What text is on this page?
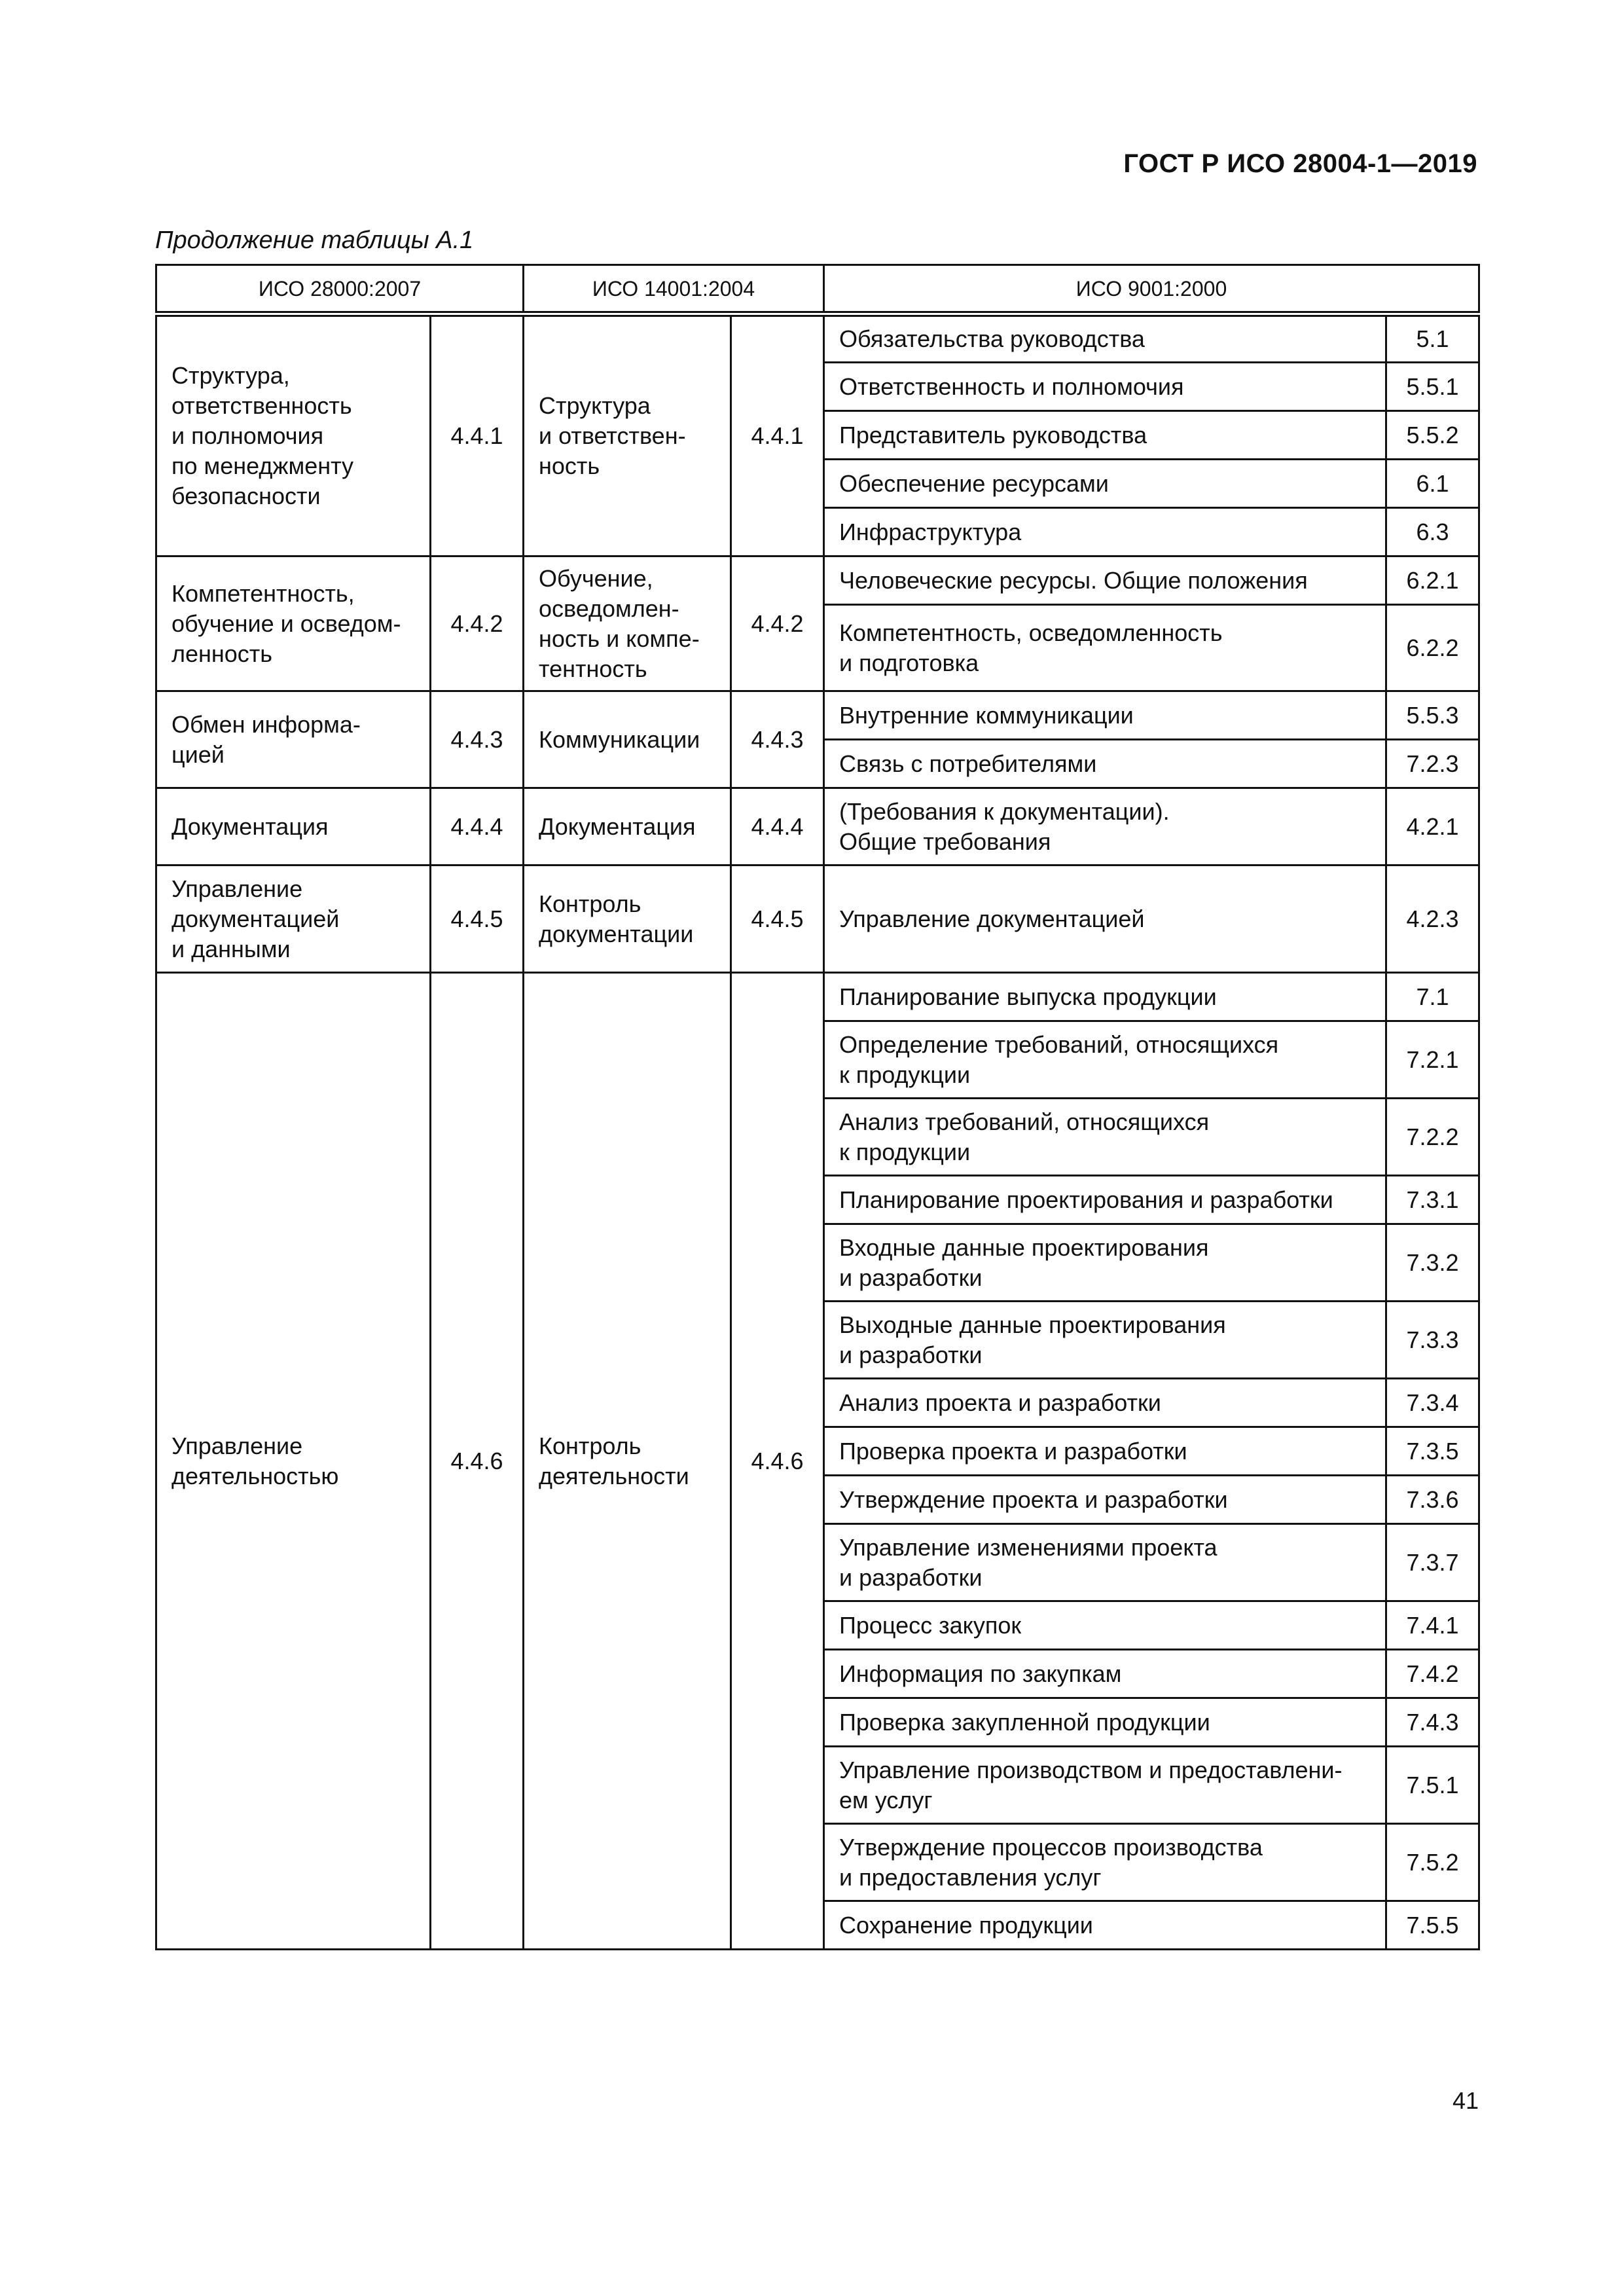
ГОСТ Р ИСО 28004-1—2019
Продолжение таблицы А.1
ИСО 28000:2007		ИСО 14001:2004		ИСО 9001:2000	
Структура,
ответственность
и полномочия
по менеджменту
безопасности	4.4.1	Структура
и ответствен-
ность	4.4.1	Обязательства руководства	5.1
				Ответственность и полномочия	5.5.1
				Представитель руководства	5.5.2
				Обеспечение ресурсами	6.1
				Инфраструктура	6.3
Компетентность,
обучение и осведом-
ленность	4.4.2	Обучение,
осведомлен-
ность и компе-
тентность	4.4.2	Человеческие ресурсы. Общие положения	6.2.1
				Компетентность, осведомленность
и подготовка	6.2.2
Обмен информа-
цией	4.4.3	Коммуникации	4.4.3	Внутренние коммуникации	5.5.3
				Связь с потребителями	7.2.3
Документация	4.4.4	Документация	4.4.4	(Требования к документации).
Общие требования	4.2.1
Управление
документацией
и данными	4.4.5	Контроль
документации	4.4.5	Управление документацией	4.2.3
Управление
деятельностью	4.4.6	Контроль
деятельности	4.4.6	Планирование выпуска продукции	7.1
				Определение требований, относящихся
к продукции	7.2.1
				Анализ требований, относящихся
к продукции	7.2.2
				Планирование проектирования и разработки	7.3.1
				Входные данные проектирования
и разработки	7.3.2
				Выходные данные проектирования
и разработки	7.3.3
				Анализ проекта и разработки	7.3.4
				Проверка проекта и разработки	7.3.5
				Утверждение проекта и разработки	7.3.6
				Управление изменениями проекта
и разработки	7.3.7
				Процесс закупок	7.4.1
				Информация по закупкам	7.4.2
				Проверка закупленной продукции	7.4.3
				Управление производством и предоставлени-
ем услуг	7.5.1
				Утверждение процессов производства
и предоставления услуг	7.5.2
				Сохранение продукции	7.5.5
41
